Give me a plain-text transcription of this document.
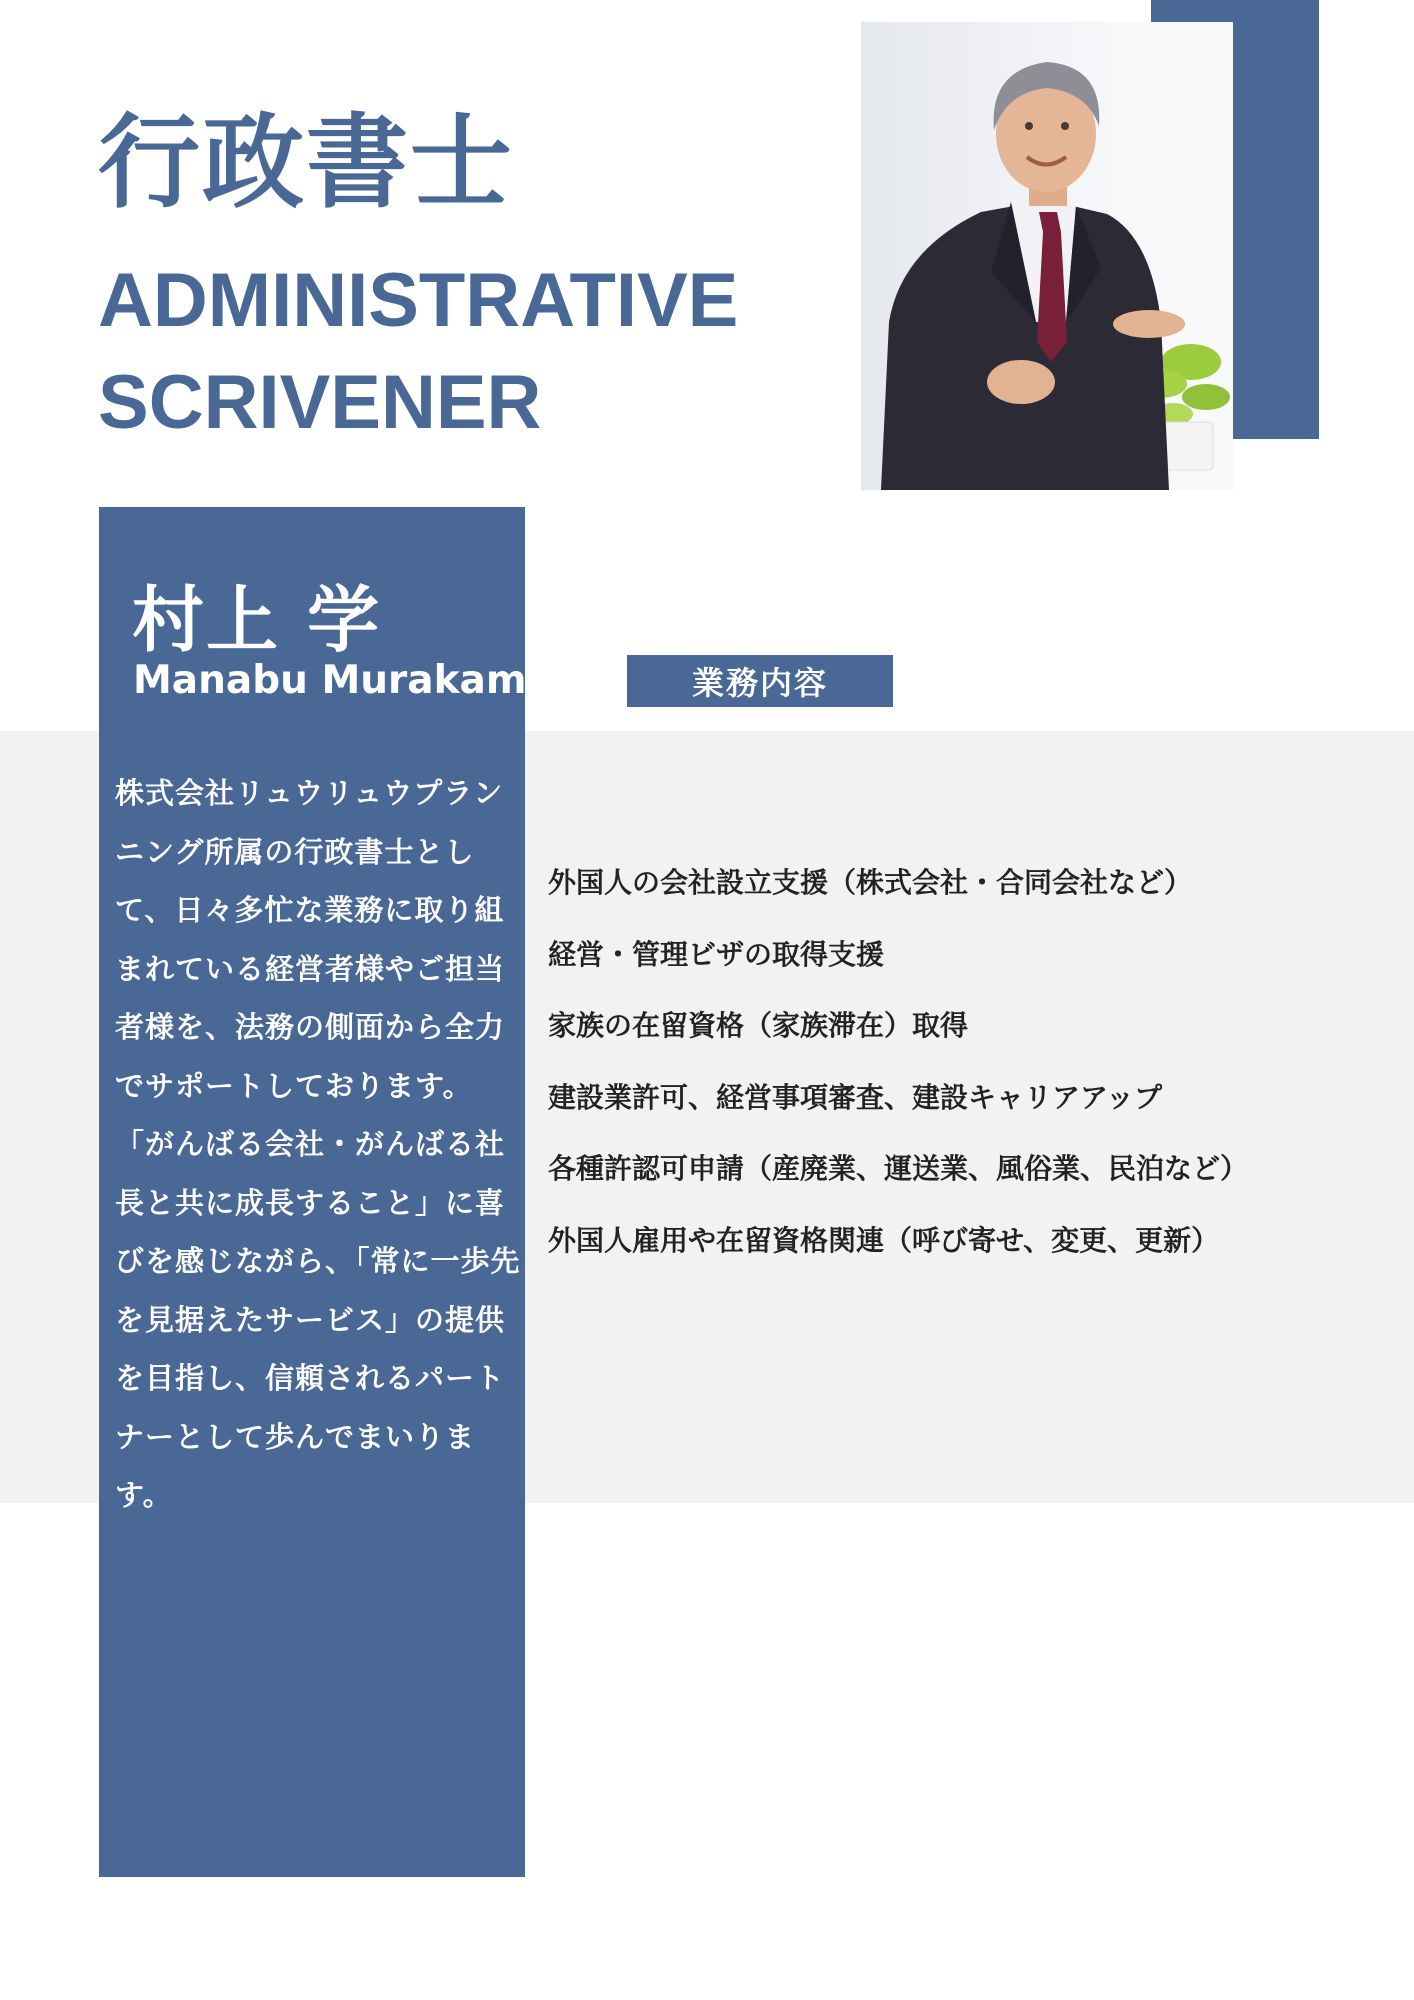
行政書士
ADMINISTRATIVE
SCRIVENER
村上 学
Manabu Murakami
株式会社リュウリュウプラン
ニング所属の行政書士とし
て、日々多忙な業務に取り組
まれている経営者様やご担当
者様を、法務の側面から全力
でサポートしております。
「がんばる会社・がんばる社
長と共に成長すること」に喜
びを感じながら、「常に一歩先
を見据えたサービス」の提供
を目指し、信頼されるパート
ナーとして歩んでまいりま
す。
業務内容
外国人の会社設立支援（株式会社・合同会社など）
経営・管理ビザの取得支援
家族の在留資格（家族滞在）取得
建設業許可、経営事項審査、建設キャリアアップ
各種許認可申請（産廃業、運送業、風俗業、民泊など）
外国人雇用や在留資格関連（呼び寄せ、変更、更新）
